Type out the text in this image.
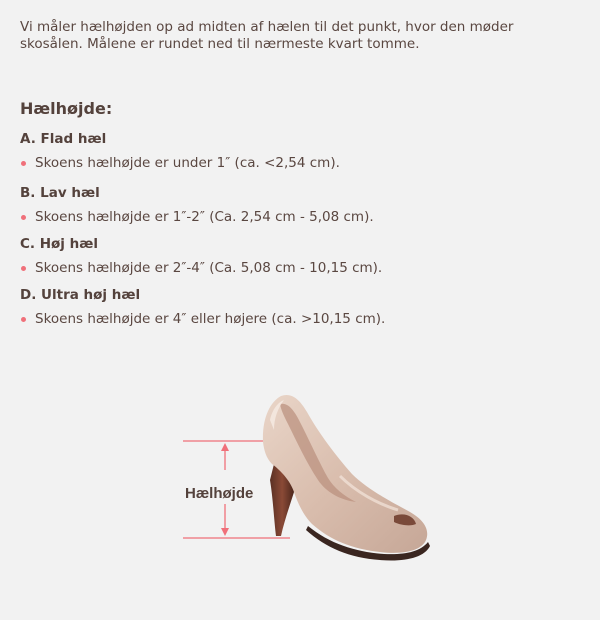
Vi måler hælhøjden op ad midten af hælen til det punkt, hvor den møder skosålen. Målene er rundet ned til nærmeste kvart tomme.

Hælhøjde:

A. Flad hæl

Skoens hælhøjde er under 1″ (ca. <2,54 cm).

B. Lav hæl

Skoens hælhøjde er 1″-2″ (Ca. 2,54 cm - 5,08 cm).

C. Høj hæl

Skoens hælhøjde er 2″-4″ (Ca. 5,08 cm - 10,15 cm).

D. Ultra høj hæl

Skoens hælhøjde er 4″ eller højere (ca. >10,15 cm).

Hælhøjde
